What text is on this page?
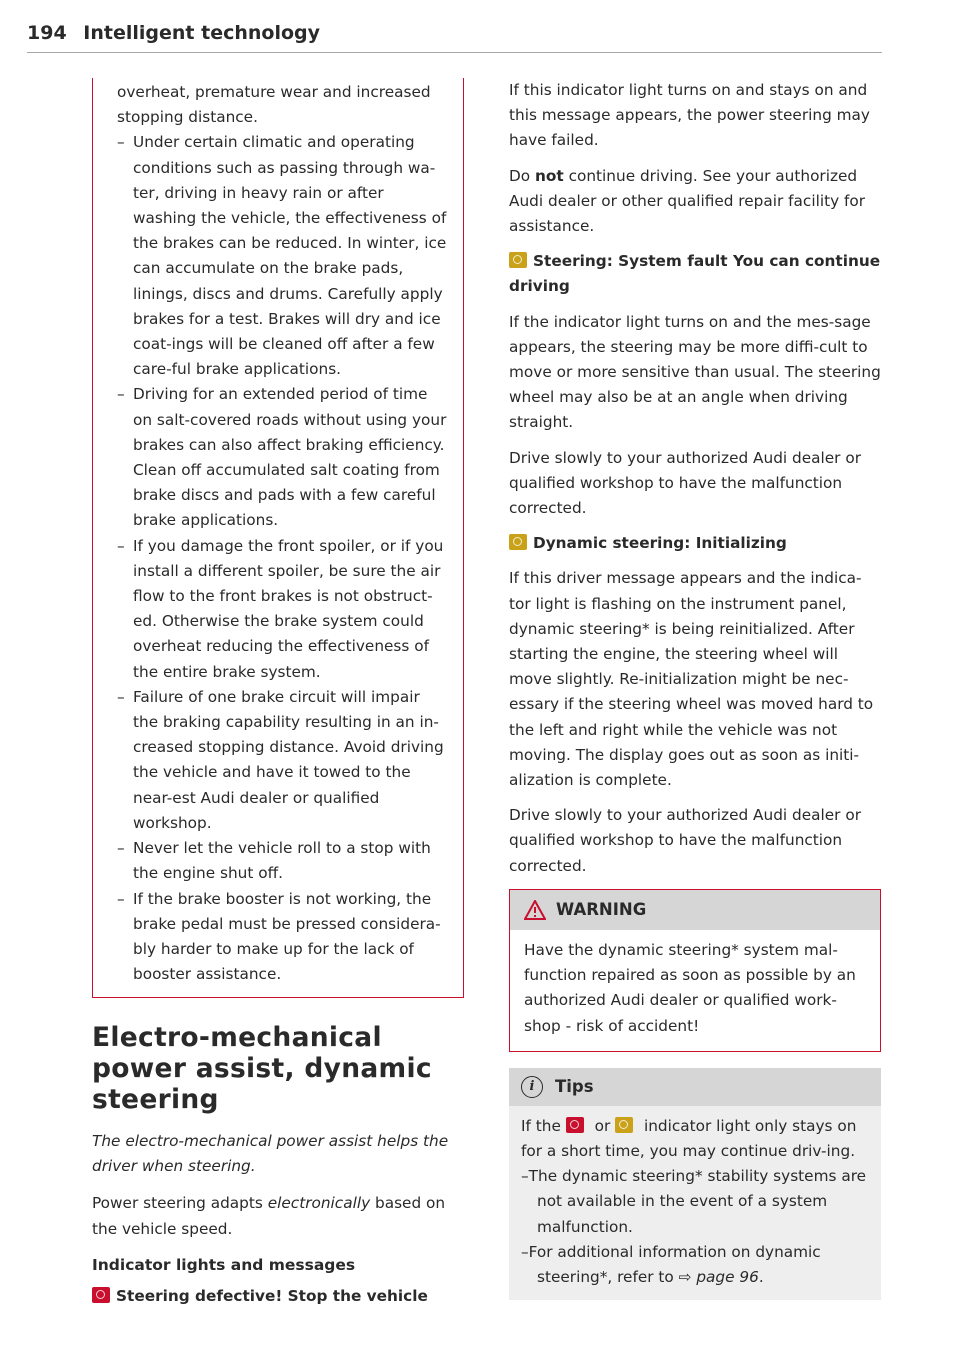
194 Intelligent technology
overheat, premature wear and increased stopping distance.
– Under certain climatic and operating conditions such as passing through wa-ter, driving in heavy rain or after washing the vehicle, the effectiveness of the brakes can be reduced. In winter, ice can accumulate on the brake pads, linings, discs and drums. Carefully apply brakes for a test. Brakes will dry and ice coat-ings will be cleaned off after a few care-ful brake applications.
– Driving for an extended period of time on salt-covered roads without using your brakes can also affect braking efficiency. Clean off accumulated salt coating from brake discs and pads with a few careful brake applications.
– If you damage the front spoiler, or if you install a different spoiler, be sure the air flow to the front brakes is not obstruct-ed. Otherwise the brake system could overheat reducing the effectiveness of the entire brake system.
– Failure of one brake circuit will impair the braking capability resulting in an in-creased stopping distance. Avoid driving the vehicle and have it towed to the near-est Audi dealer or qualified workshop.
– Never let the vehicle roll to a stop with the engine shut off.
– If the brake booster is not working, the brake pedal must be pressed considera-bly harder to make up for the lack of booster assistance.
Electro-mechanical power assist, dynamic steering

The electro-mechanical power assist helps the driver when steering.

Power steering adapts electronically based on the vehicle speed.

Indicator lights and messages
Steering defective! Stop the vehicle

If this indicator light turns on and stays on and this message appears, the power steering may have failed.

Do not continue driving. See your authorized Audi dealer or other qualified repair facility for assistance.

Steering: System fault You can continue driving

If the indicator light turns on and the mes-sage appears, the steering may be more diffi-cult to move or more sensitive than usual. The steering wheel may also be at an angle when driving straight.

Drive slowly to your authorized Audi dealer or qualified workshop to have the malfunction corrected.

Dynamic steering: Initializing

If this driver message appears and the indica-tor light is flashing on the instrument panel, dynamic steering* is being reinitialized. After starting the engine, the steering wheel will move slightly. Re-initialization might be nec-essary if the steering wheel was moved hard to the left and right while the vehicle was not moving. The display goes out as soon as initi-alization is complete.

Drive slowly to your authorized Audi dealer or qualified workshop to have the malfunction corrected.

WARNING
Have the dynamic steering* system mal-function repaired as soon as possible by an authorized Audi dealer or qualified work-shop - risk of accident!
i	Tips
If the  or  indicator light only stays on for a short time, you may continue driv-ing.
–The dynamic steering* stability systems are not available in the event of a system malfunction.
–For additional information on dynamic steering*, refer to ⇨ page 96.
